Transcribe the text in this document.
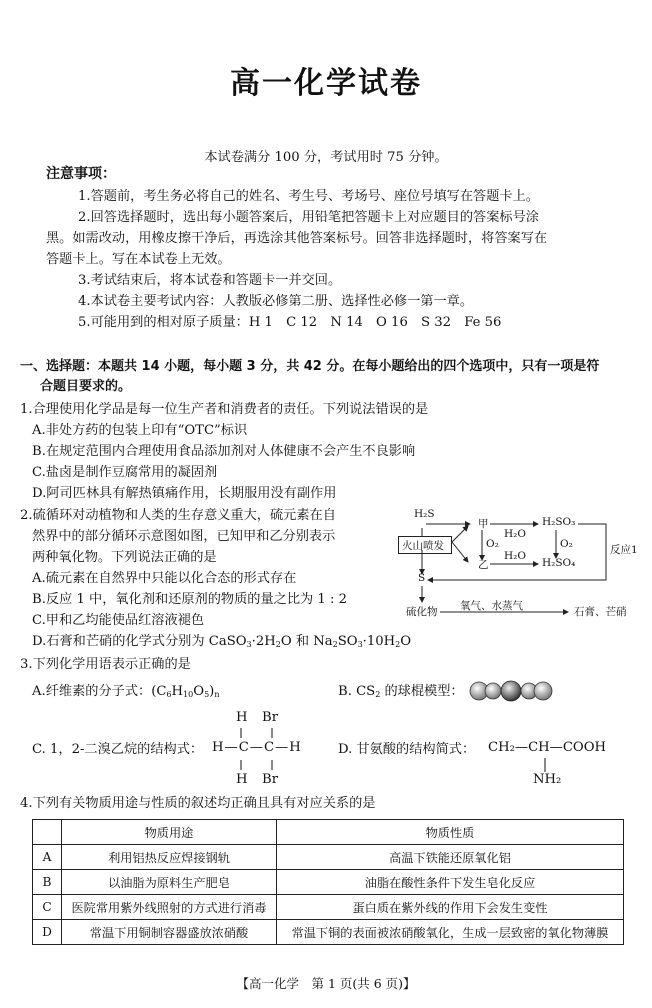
高一化学试卷
本试卷满分 100 分，考试用时 75 分钟。
注意事项：
1.答题前，考生务必将自己的姓名、考生号、考场号、座位号填写在答题卡上。
2.回答选择题时，选出每小题答案后，用铅笔把答题卡上对应题目的答案标号涂
黑。如需改动，用橡皮擦干净后，再选涂其他答案标号。回答非选择题时，将答案写在
答题卡上。写在本试卷上无效。
3.考试结束后，将本试卷和答题卡一并交回。
4.本试卷主要考试内容：人教版必修第二册、选择性必修一第一章。
5.可能用到的相对原子质量：H 1　C 12　N 14　O 16　S 32　Fe 56
一、选择题：本题共 14 小题，每小题 3 分，共 42 分。在每小题给出的四个选项中，只有一项是符
合题目要求的。
1.合理使用化学品是每一位生产者和消费者的责任。下列说法错误的是
A.非处方药的包装上印有“OTC”标识
B.在规定范围内合理使用食品添加剂对人体健康不会产生不良影响
C.盐卤是制作豆腐常用的凝固剂
D.阿司匹林具有解热镇痛作用，长期服用没有副作用
2.硫循环对动植物和人类的生存意义重大，硫元素在自
然界中的部分循环示意图如图，已知甲和乙分别表示
两种氧化物。下列说法正确的是
A.硫元素在自然界中只能以化合态的形式存在
B.反应 1 中，氧化剂和还原剂的物质的量之比为 1 : 2
C.甲和乙均能使品红溶液褪色
D.石膏和芒硝的化学式分别为 $CaSO_3\cdot 2H_2O$ 和 $Na_2SO_3\cdot 10H_2O$
H₂S
火山喷发
甲
乙
H₂O
H₂O
O₂	O₂
H₂SO₃
H₂SO₄
S
反应1
硫化物 氧气、水蒸气	石膏、芒硝
3.下列化学用语表示正确的是
A.纤维素的分子式：$(C_6H_{10}O_5)_n$	B. $CS_2$ 的球棍模型：
C. 1，2-二溴乙烷的结构式：
H Br
H—C—C—H
H Br
D. 甘氨酸的结构简式： CH₂—CH—COOH
NH₂
4.下列有关物质用途与性质的叙述均正确且具有对应关系的是
	物质用途	物质性质
A	利用铝热反应焊接钢轨	高温下铁能还原氧化铝
B	以油脂为原料生产肥皂	油脂在酸性条件下发生皂化反应
C	医院常用紫外线照射的方式进行消毒	蛋白质在紫外线的作用下会发生变性
D	常温下用铜制容器盛放浓硝酸	常温下铜的表面被浓硝酸氧化，生成一层致密的氧化物薄膜
【高一化学　第 1 页(共 6 页)】
